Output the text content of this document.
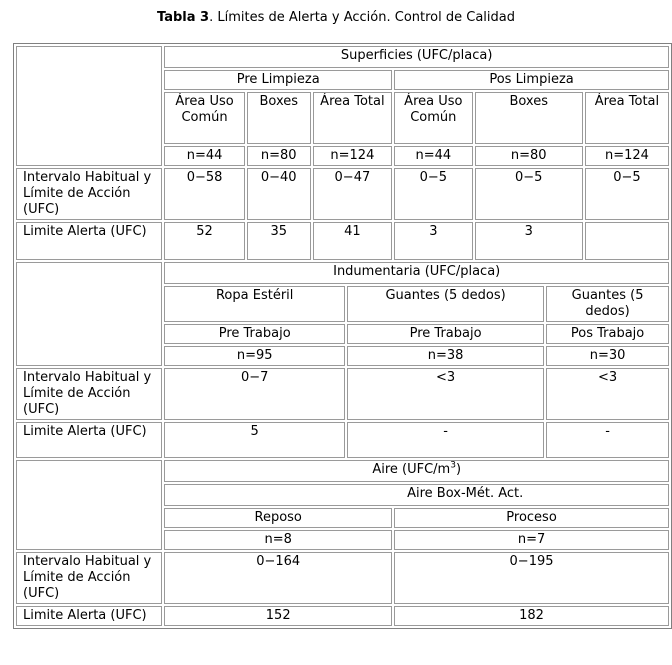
Tabla 3. Límites de Alerta y Acción. Control de Calidad
	Superficies (UFC/placa)							
	Pre Limpieza				Pos Limpieza			
	Área Uso Común	Boxes	Área Total		Área Uso Común	Boxes		Área Total
	n=44	n=80	n=124		n=44	n=80		n=124
Intervalo Habitual y Límite de Acción (UFC)	0−58	0−40	0−47		0−5	0−5		0−5
Limite Alerta (UFC)	52	35	41		3	3		
	Indumentaria (UFC/placa)							
	Ropa Estéril			Guantes (5 dedos)			Guantes (5 dedos)	
	Pre Trabajo			Pre Trabajo			Pos Trabajo	
	n=95			n=38			n=30	
Intervalo Habitual y Límite de Acción (UFC)	0−7			<3			<3	
Limite Alerta (UFC)	5			-			-	
	Aire $(UFC/m^3)$							
	Aire Box-Mét. Act.							
	Reposo				Proceso			
	n=8				n=7			
Intervalo Habitual y Límite de Acción (UFC)	0−164				0−195			
Limite Alerta (UFC)	152				182			
